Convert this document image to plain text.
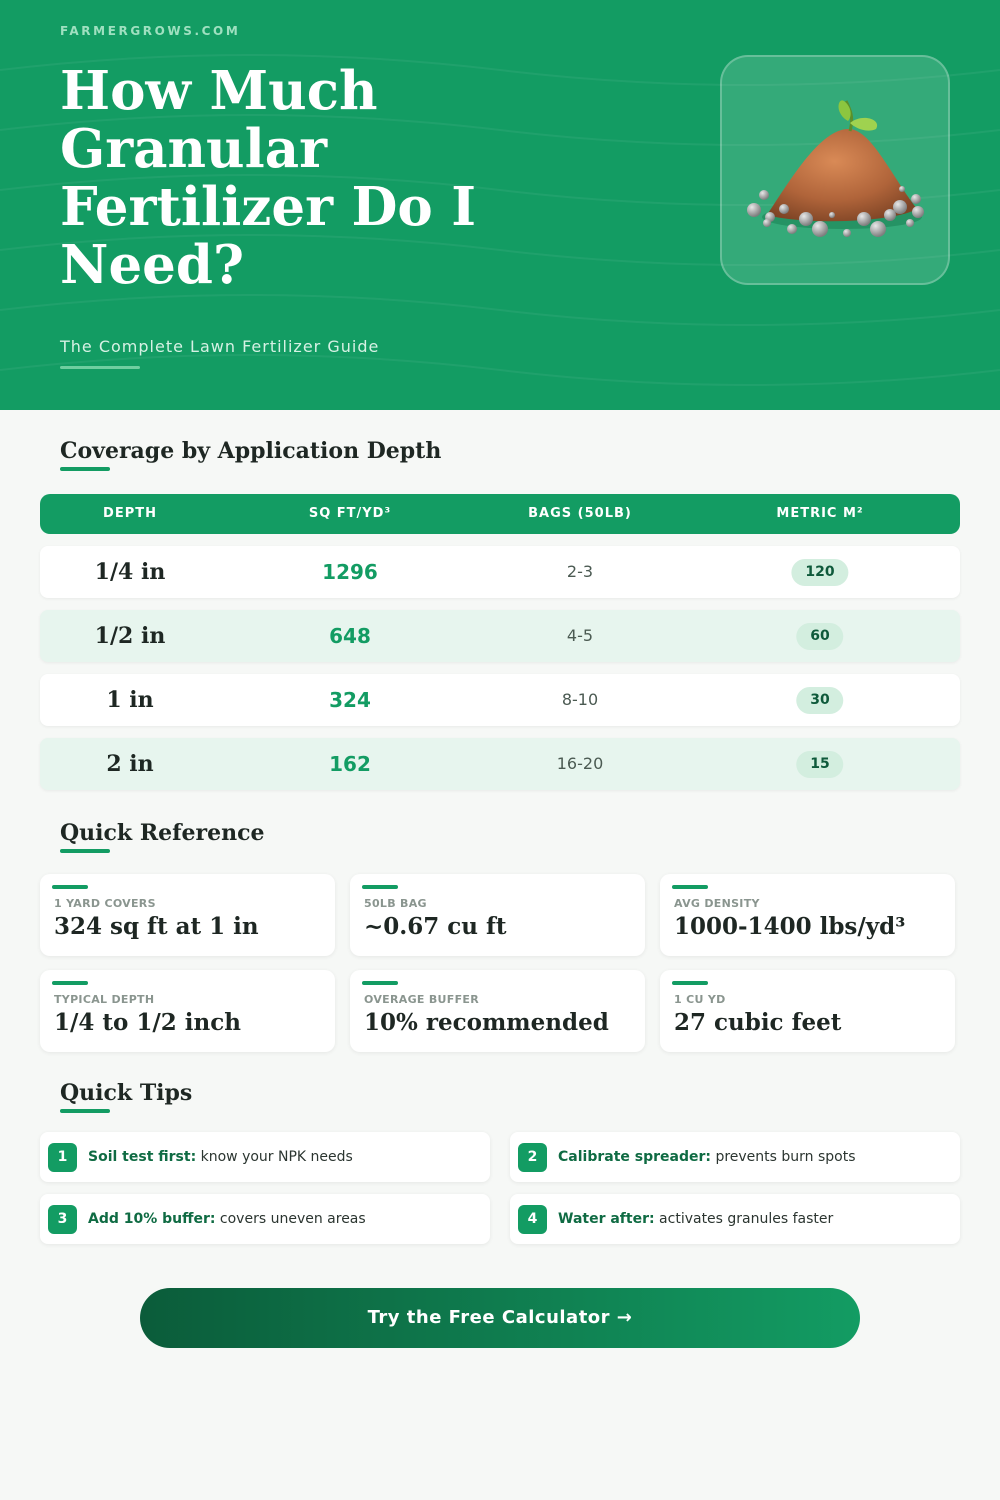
FARMERGROWS.COM
How Much Granular Fertilizer Do I Need?
The Complete Lawn Fertilizer Guide
Coverage by Application Depth
DEPTH	SQ FT/YD³	BAGS (50LB)	METRIC M²
1/4 in	1296	2-3	120
1/2 in	648	4-5	60
1 in	324	8-10	30
2 in	162	16-20	15
Quick Reference
1 YARD COVERS
324 sq ft at 1 in
50LB BAG
~0.67 cu ft
AVG DENSITY
1000-1400 lbs/yd³
TYPICAL DEPTH
1/4 to 1/2 inch
OVERAGE BUFFER
10% recommended
1 CU YD
27 cubic feet
Quick Tips
1	Soil test first: know your NPK needs	2	Calibrate spreader: prevents burn spots
3	Add 10% buffer: covers uneven areas	4	Water after: activates granules faster
Try the Free Calculator →
